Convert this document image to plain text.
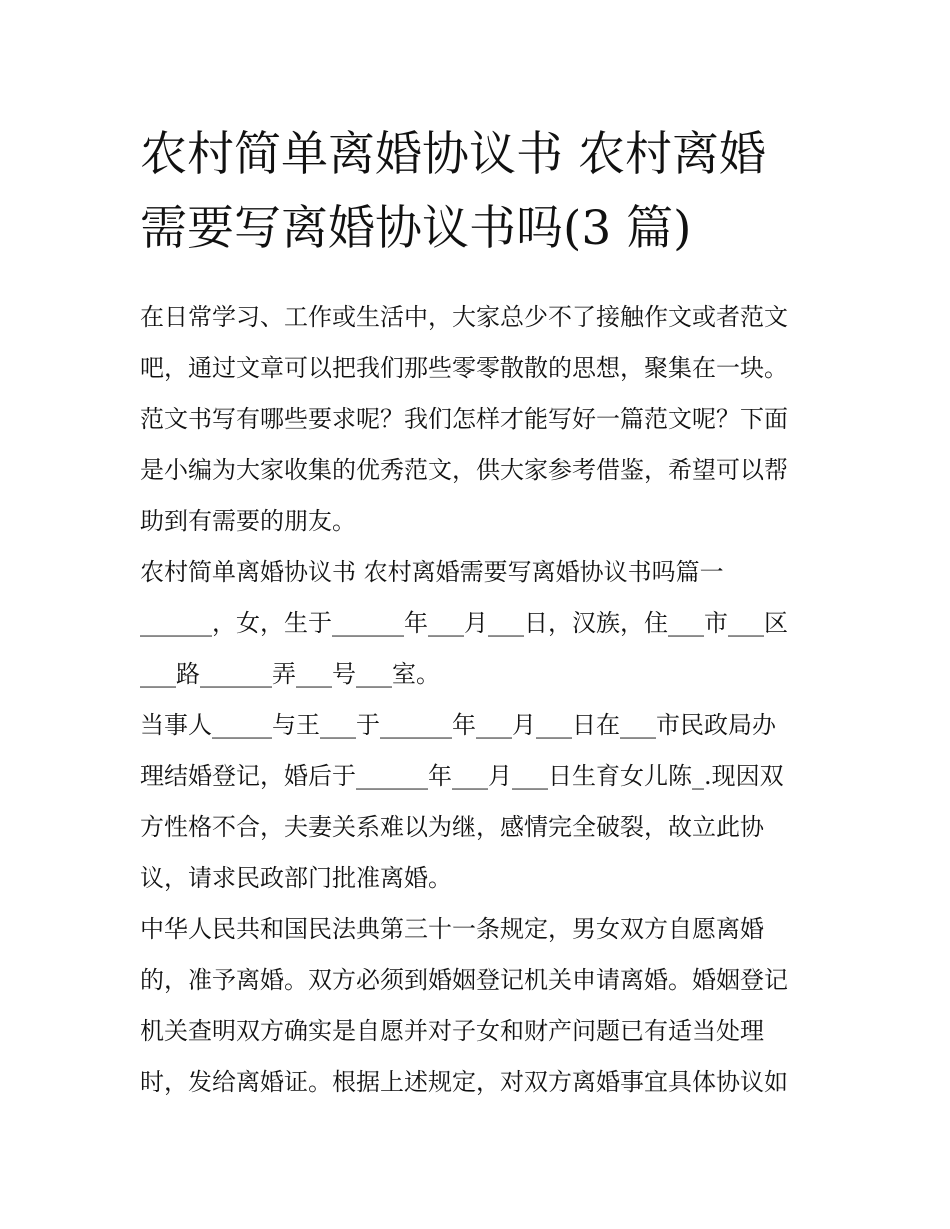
农村简单离婚协议书 农村离婚
需要写离婚协议书吗(3 篇)

在日常学习、工作或生活中，大家总少不了接触作文或者范文
吧，通过文章可以把我们那些零零散散的思想，聚集在一块。
范文书写有哪些要求呢？我们怎样才能写好一篇范文呢？下面
是小编为大家收集的优秀范文，供大家参考借鉴，希望可以帮
助到有需要的朋友。

农村简单离婚协议书 农村离婚需要写离婚协议书吗篇一

______，女，生于______年___月___日，汉族，住___市___区
___路______弄___号___室。

当事人_____与王___于______年___月___日在___市民政局办
理结婚登记，婚后于______年___月___日生育女儿陈_.现因双
方性格不合，夫妻关系难以为继，感情完全破裂，故立此协
议，请求民政部门批准离婚。

中华人民共和国民法典第三十一条规定，男女双方自愿离婚
的，准予离婚。双方必须到婚姻登记机关申请离婚。婚姻登记
机关查明双方确实是自愿并对子女和财产问题已有适当处理
时，发给离婚证。根据上述规定，对双方离婚事宜具体协议如
